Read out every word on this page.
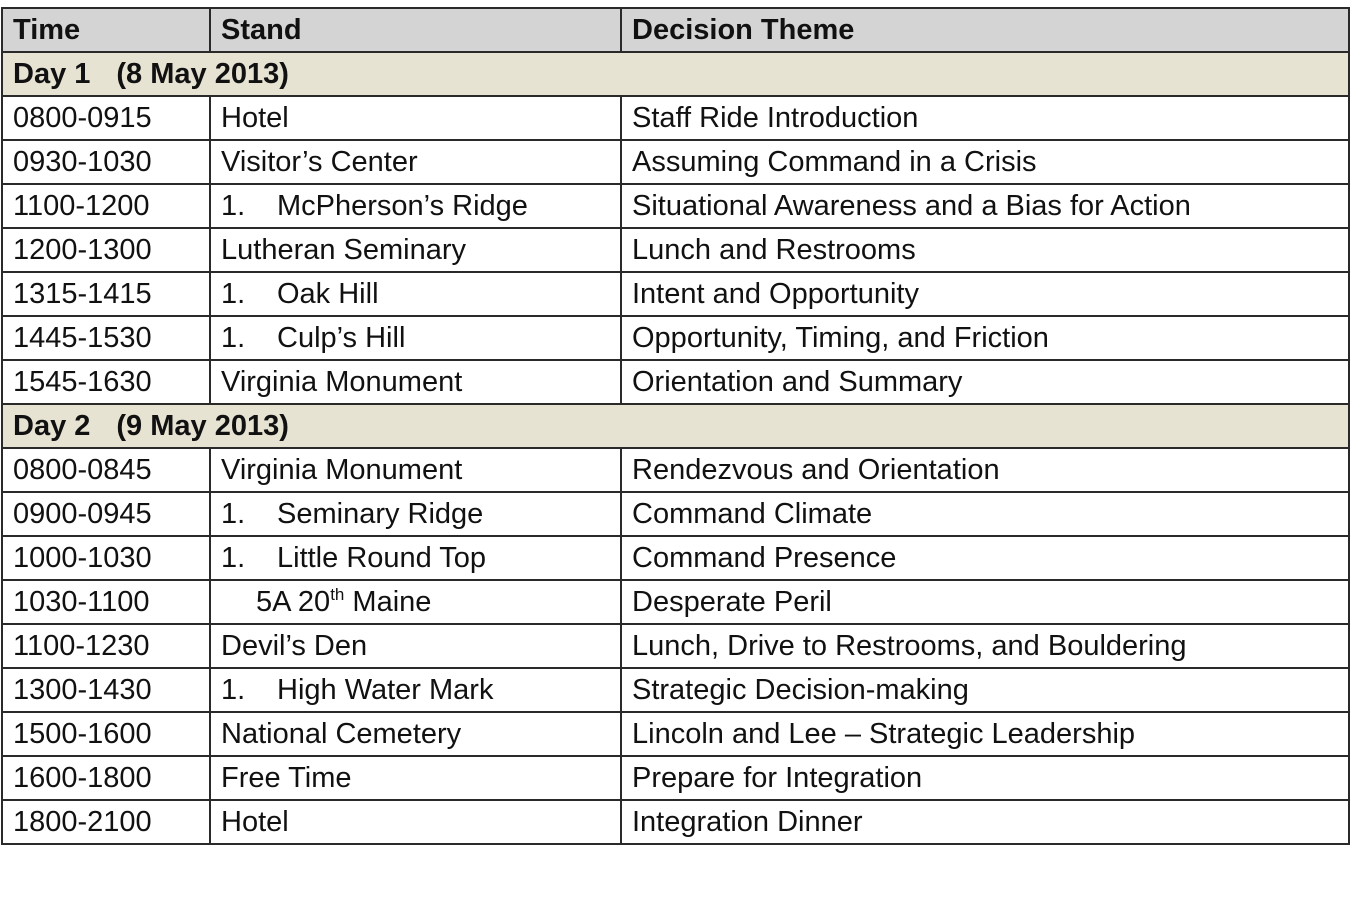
Time	Stand	Decision Theme
Day 1 (8 May 2013)		
0800-0915	Hotel	Staff Ride Introduction
0930-1030	Visitor’s Center	Assuming Command in a Crisis
1100-1200	1. McPherson’s Ridge	Situational Awareness and a Bias for Action
1200-1300	Lutheran Seminary	Lunch and Restrooms
1315-1415	1. Oak Hill	Intent and Opportunity
1445-1530	1. Culp’s Hill	Opportunity, Timing, and Friction
1545-1630	Virginia Monument	Orientation and Summary
Day 2 (9 May 2013)		
0800-0845	Virginia Monument	Rendezvous and Orientation
0900-0945	1. Seminary Ridge	Command Climate
1000-1030	1. Little Round Top	Command Presence
1030-1100	5A 20th Maine	Desperate Peril
1100-1230	Devil’s Den	Lunch, Drive to Restrooms, and Bouldering
1300-1430	1. High Water Mark	Strategic Decision-making
1500-1600	National Cemetery	Lincoln and Lee – Strategic Leadership
1600-1800	Free Time	Prepare for Integration
1800-2100	Hotel	Integration Dinner
